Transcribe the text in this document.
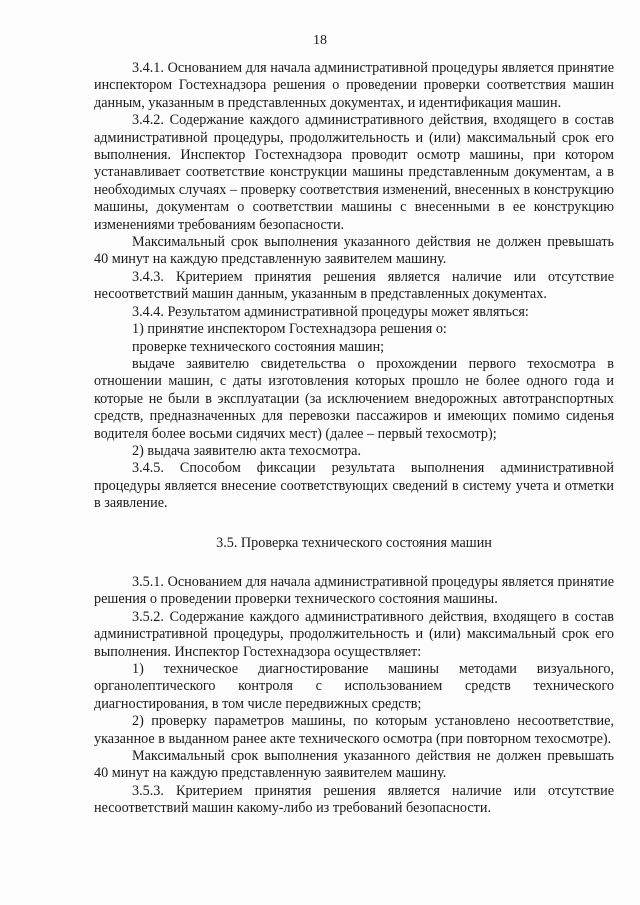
18

3.4.1. Основанием для начала административной процедуры является принятие инспектором Гостехнадзора решения о проведении проверки соответствия машин данным, указанным в представленных документах, и идентификация машин.

3.4.2. Содержание каждого административного действия, входящего в состав административной процедуры, продолжительность и (или) максимальный срок его выполнения. Инспектор Гостехнадзора проводит осмотр машины, при котором устанавливает соответствие конструкции машины представленным документам, а в необходимых случаях – проверку соответствия изменений, внесенных в конструкцию машины, документам о соответствии машины с внесенными в ее конструкцию изменениями требованиям безопасности.

Максимальный срок выполнения указанного действия не должен превышать 40 минут на каждую представленную заявителем машину.

3.4.3. Критерием принятия решения является наличие или отсутствие несоответствий машин данным, указанным в представленных документах.

3.4.4. Результатом административной процедуры может являться:

1) принятие инспектором Гостехнадзора решения о:

проверке технического состояния машин;

выдаче заявителю свидетельства о прохождении первого техосмотра в отношении машин, с даты изготовления которых прошло не более одного года и которые не были в эксплуатации (за исключением внедорожных автотранспортных средств, предназначенных для перевозки пассажиров и имеющих помимо сиденья водителя более восьми сидячих мест) (далее – первый техосмотр);

2) выдача заявителю акта техосмотра.

3.4.5. Способом фиксации результата выполнения административной процедуры является внесение соответствующих сведений в систему учета и отметки в заявление.

3.5. Проверка технического состояния машин

3.5.1. Основанием для начала административной процедуры является принятие решения о проведении проверки технического состояния машины.

3.5.2. Содержание каждого административного действия, входящего в состав административной процедуры, продолжительность и (или) максимальный срок его выполнения. Инспектор Гостехнадзора осуществляет:

1) техническое диагностирование машины методами визуального, органолептического контроля с использованием средств технического диагностирования, в том числе передвижных средств;

2) проверку параметров машины, по которым установлено несоответствие, указанное в выданном ранее акте технического осмотра (при повторном техосмотре).

Максимальный срок выполнения указанного действия не должен превышать 40 минут на каждую представленную заявителем машину.

3.5.3. Критерием принятия решения является наличие или отсутствие несоответствий машин какому-либо из требований безопасности.
